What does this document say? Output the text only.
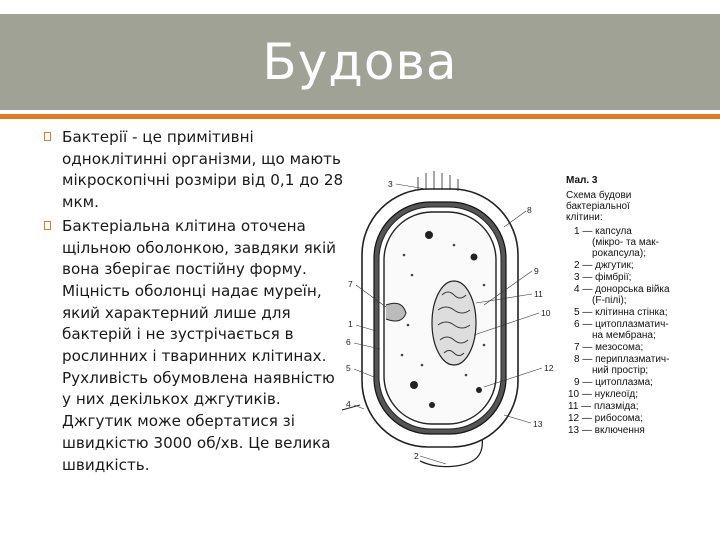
Будова
Бактерії - це примітивні одноклітинні організми, що мають мікроскопічні розміри від 0,1 до 28 мкм.
Бактеріальна клітина оточена щільною оболонкою, завдяки якій вона зберігає постійну форму. Міцність оболонці надає муреїн, який характерний лише для бактерій і не зустрічається в рослинних і тваринних клітинах. Рухливість обумовлена наявністю у них декількох джгутиків. Джгутик може обертатися зі швидкістю 3000 об/хв. Це велика швидкість.
3
8
9
11
10
12
13
7
1
6
5
4
2
Мал. 3
Схема будови
бактеріальної
клітини:
1 — капсула
(мікро- та мак-
рокапсула);
2 — джгутик;
3 — фімбрії;
4 — донорська війка
(F-пілі);
5 — клітинна стінка;
6 — цитоплазматич-
на мембрана;
7 — мезосома;
8 — периплазматич-
ний простір;
9 — цитоплазма;
10 — нуклеоїд;
11 — плазміда;
12 — рибосома;
13 — включення
